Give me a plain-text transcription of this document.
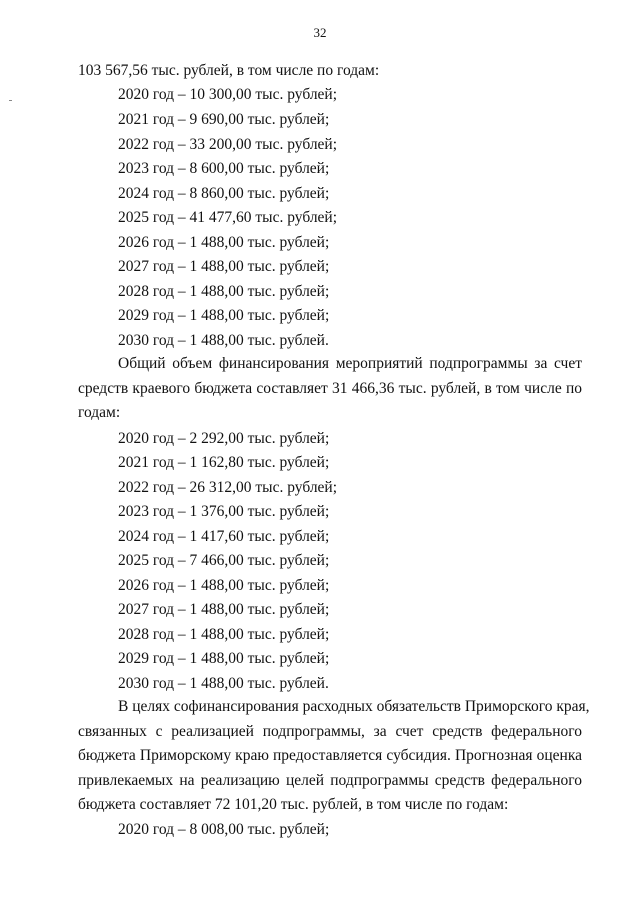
32
103 567,56 тыс. рублей, в том числе по годам:
2020 год – 10 300,00 тыс. рублей;
2021 год – 9 690,00 тыс. рублей;
2022 год – 33 200,00 тыс. рублей;
2023 год – 8 600,00 тыс. рублей;
2024 год – 8 860,00 тыс. рублей;
2025 год – 41 477,60 тыс. рублей;
2026 год – 1 488,00 тыс. рублей;
2027 год – 1 488,00 тыс. рублей;
2028 год – 1 488,00 тыс. рублей;
2029 год – 1 488,00 тыс. рублей;
2030 год – 1 488,00 тыс. рублей.
Общий объем финансирования мероприятий подпрограммы за счет
средств краевого бюджета составляет 31 466,36 тыс. рублей, в том числе по
годам:
2020 год – 2 292,00 тыс. рублей;
2021 год – 1 162,80 тыс. рублей;
2022 год – 26 312,00 тыс. рублей;
2023 год – 1 376,00 тыс. рублей;
2024 год – 1 417,60 тыс. рублей;
2025 год – 7 466,00 тыс. рублей;
2026 год – 1 488,00 тыс. рублей;
2027 год – 1 488,00 тыс. рублей;
2028 год – 1 488,00 тыс. рублей;
2029 год – 1 488,00 тыс. рублей;
2030 год – 1 488,00 тыс. рублей.
В целях софинансирования расходных обязательств Приморского края,
связанных с реализацией подпрограммы, за счет средств федерального
бюджета Приморскому краю предоставляется субсидия. Прогнозная оценка
привлекаемых на реализацию целей подпрограммы средств федерального
бюджета составляет 72 101,20 тыс. рублей, в том числе по годам:
2020 год – 8 008,00 тыс. рублей;
